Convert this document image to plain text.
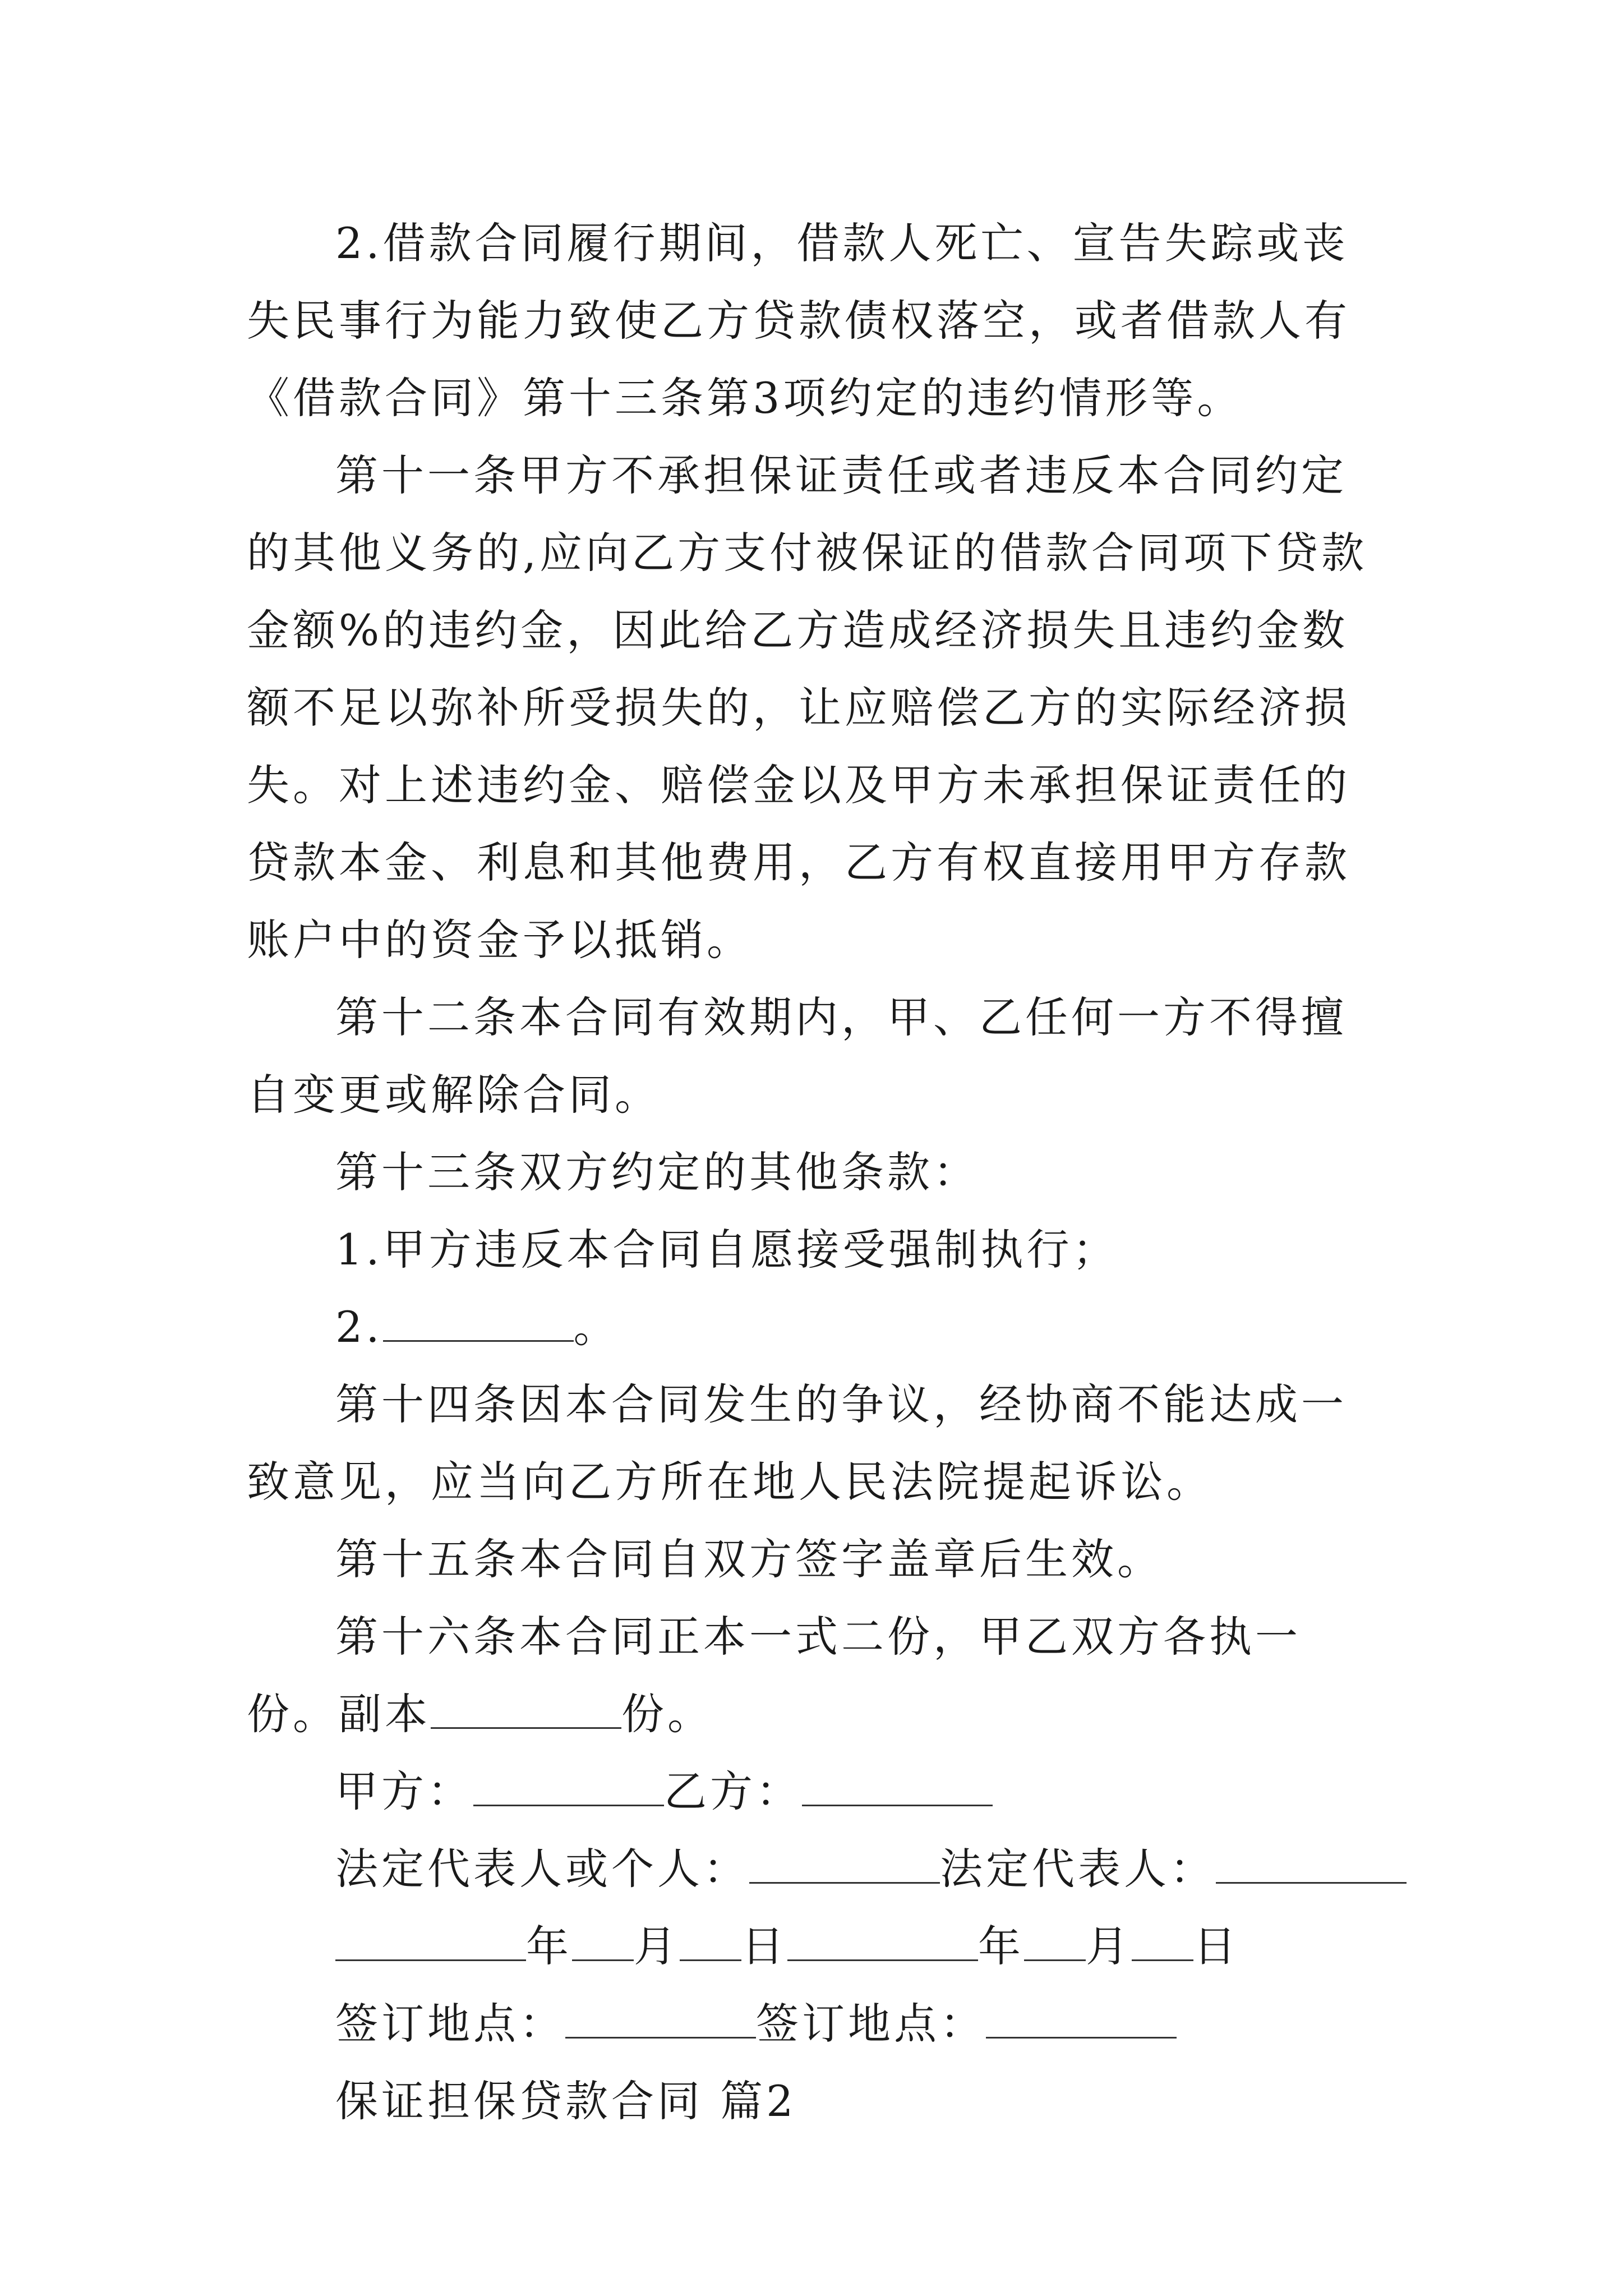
2.借款合同履行期间，借款人死亡、宣告失踪或丧失民事行为能力致使乙方贷款债权落空，或者借款人有《借款合同》第十三条第3项约定的违约情形等。

第十一条甲方不承担保证责任或者违反本合同约定的其他义务的,应向乙方支付被保证的借款合同项下贷款金额%的违约金，因此给乙方造成经济损失且违约金数额不足以弥补所受损失的，让应赔偿乙方的实际经济损失。对上述违约金、赔偿金以及甲方未承担保证责任的贷款本金、利息和其他费用，乙方有权直接用甲方存款账户中的资金予以抵销。

第十二条本合同有效期内，甲、乙任何一方不得擅自变更或解除合同。

第十三条双方约定的其他条款：

1.甲方违反本合同自愿接受强制执行；

2.	。

第十四条因本合同发生的争议，经协商不能达成一致意见，应当向乙方所在地人民法院提起诉讼。

第十五条本合同自双方签字盖章后生效。

第十六条本合同正本一式二份，甲乙双方各执一份。副本	份。

甲方：	乙方：
法定代表人或个人：	法定代表人：
年 月 日	年 月 日
签订地点：	签订地点：
保证担保贷款合同 篇2
